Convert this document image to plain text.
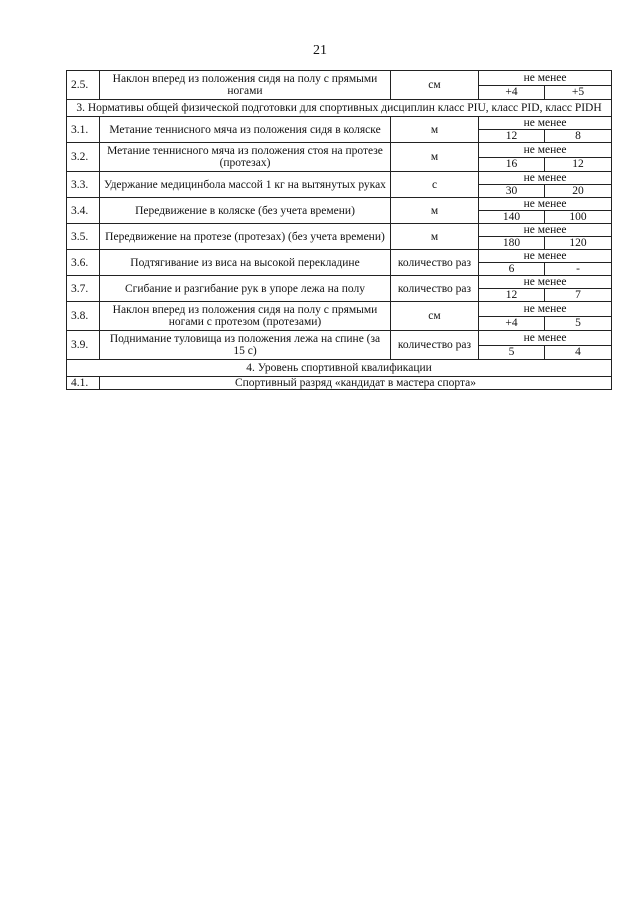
21
2.5.	Наклон вперед из положения сидя на полу с прямыми ногами	см	не менее	
			+4	+5
3. Нормативы общей физической подготовки для спортивных дисциплин класс PIU, класс PID, класс PIDH				
3.1.	Метание теннисного мяча из положения сидя в коляске	м	не менее	
			12	8
3.2.	Метание теннисного мяча из положения стоя на протезе (протезах)	м	не менее	
			16	12
3.3.	Удержание медицинбола массой 1 кг на вытянутых руках	с	не менее	
			30	20
3.4.	Передвижение в коляске (без учета времени)	м	не менее	
			140	100
3.5.	Передвижение на протезе (протезах) (без учета времени)	м	не менее	
			180	120
3.6.	Подтягивание из виса на высокой перекладине	количество раз	не менее	
			6	-
3.7.	Сгибание и разгибание рук в упоре лежа на полу	количество раз	не менее	
			12	7
3.8.	Наклон вперед из положения сидя на полу с прямыми ногами с протезом (протезами)	см	не менее	
			+4	5
3.9.	Поднимание туловища из положения лежа на спине (за 15 с)	количество раз	не менее	
			5	4
4. Уровень спортивной квалификации				
4.1.	Спортивный разряд «кандидат в мастера спорта»			
